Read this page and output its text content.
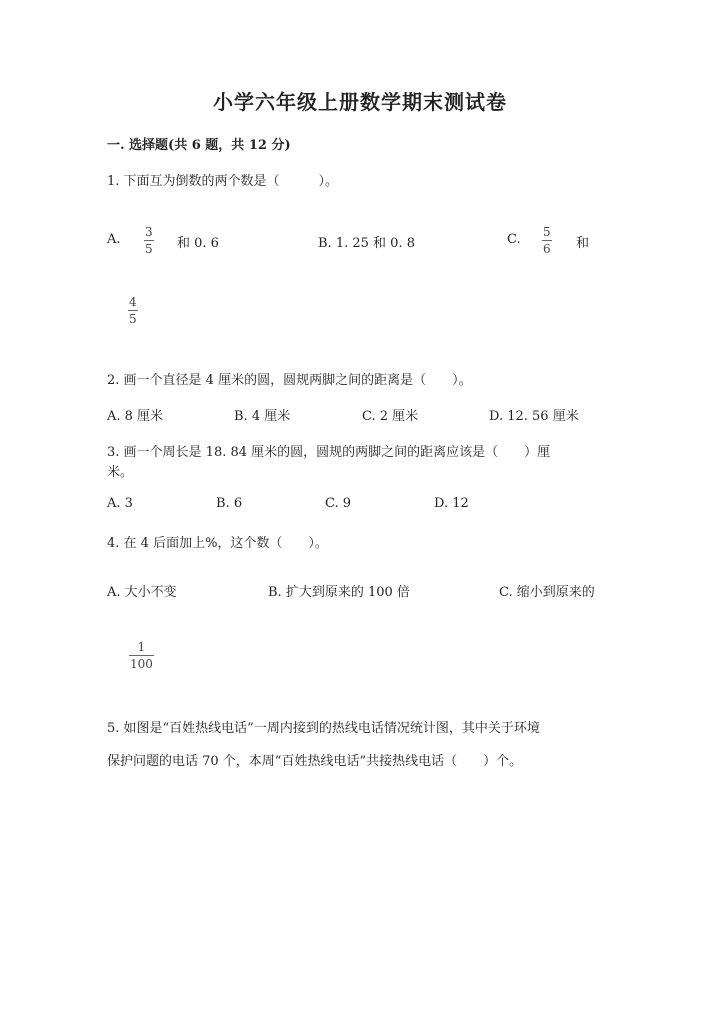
小学六年级上册数学期末测试卷
一. 选择题(共 6 题，共 12 分)
1. 下面互为倒数的两个数是（　　　）。
A. 3
5 和 0. 6	B. 1. 25 和 0. 8	C. 5
6 和
4
5
2. 画一个直径是 4 厘米的圆，圆规两脚之间的距离是（　　）。
A. 8 厘米	B. 4 厘米	C. 2 厘米	D. 12. 56 厘米
3. 画一个周长是 18. 84 厘米的圆，圆规的两脚之间的距离应该是（　　）厘
米。
A. 3	B. 6	C. 9	D. 12
4. 在 4 后面加上%，这个数（　　）。
A. 大小不变	B. 扩大到原来的 100 倍	C. 缩小到原来的
1
100
5. 如图是“百姓热线电话”一周内接到的热线电话情况统计图，其中关于环境
保护问题的电话 70 个，本周“百姓热线电话”共接热线电话（　　）个。
